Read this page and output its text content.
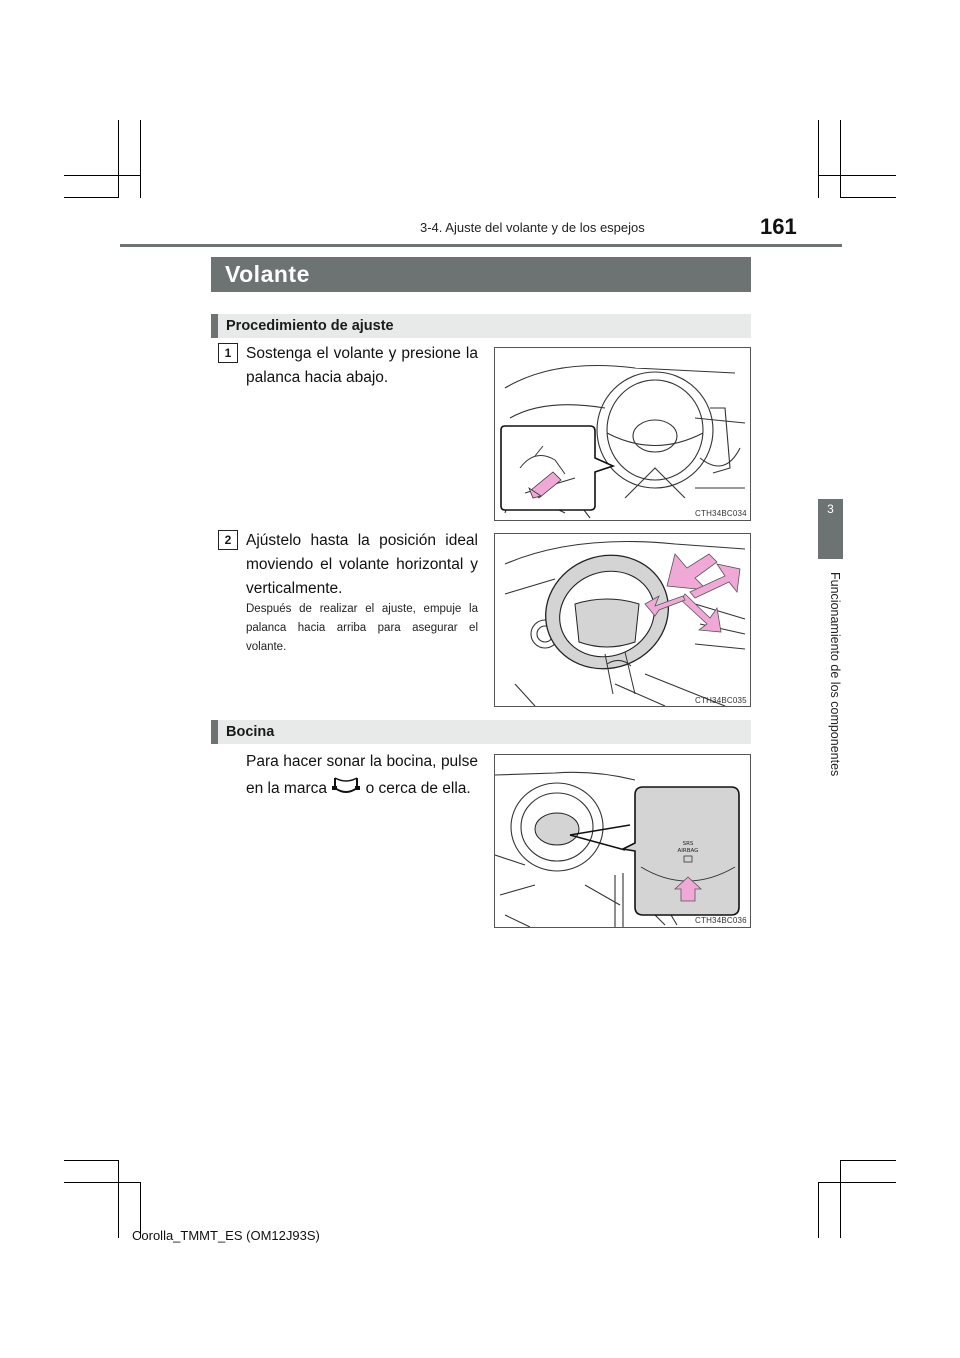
3-4. Ajuste del volante y de los espejos	161
3
Funcionamiento de los componentes
Volante
Procedimiento de ajuste
1 Sostenga el volante y presione la palanca hacia abajo.
CTH34BC034
2 Ajústelo hasta la posición ideal moviendo el volante horizontal y verticalmente.
Después de realizar el ajuste, empuje la palanca hacia arriba para asegurar el volante.
CTH34BC035
Bocina
Para hacer sonar la bocina, pulse en la marca o cerca de ella.
SRS
AIRBAG
CTH34BC036
Corolla_TMMT_ES (OM12J93S)
